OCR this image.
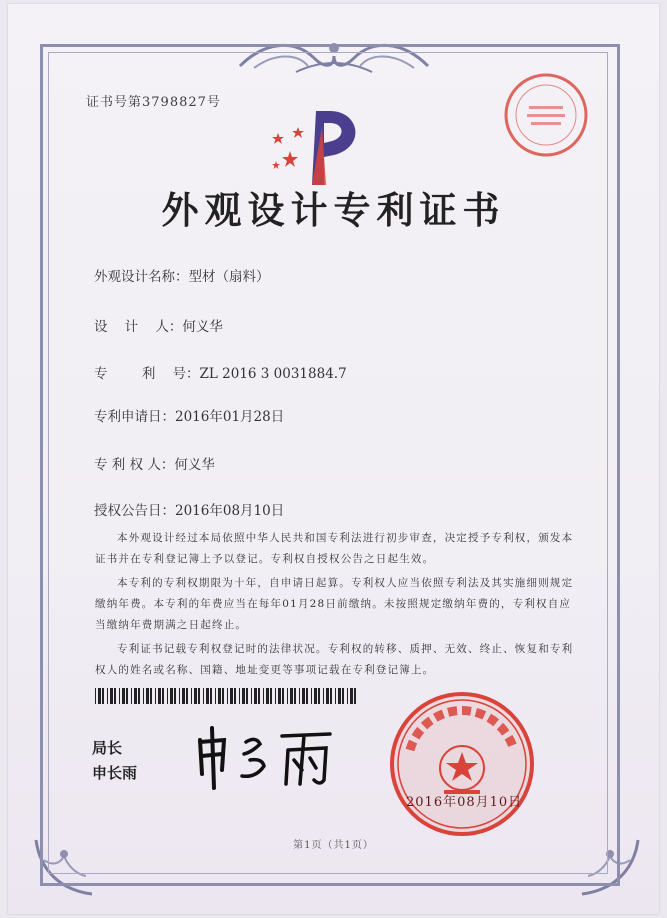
证书号第3798827号
外观设计专利证书
外观设计名称：型材（扇料）
设    计    人：何义华
专        利    号：ZL 2016 3 0031884.7
专利申请日：2016年01月28日
专 利 权 人：何义华
授权公告日：2016年08月10日

本外观设计经过本局依照中华人民共和国专利法进行初步审查，决定授予专利权，颁发本证书并在专利登记簿上予以登记。专利权自授权公告之日起生效。

本专利的专利权期限为十年，自申请日起算。专利权人应当依照专利法及其实施细则规定缴纳年费。本专利的年费应当在每年01月28日前缴纳。未按照规定缴纳年费的，专利权自应当缴纳年费期满之日起终止。

专利证书记载专利权登记时的法律状况。专利权的转移、质押、无效、终止、恢复和专利权人的姓名或名称、国籍、地址变更等事项记载在专利登记簿上。

局长
申长雨
2016年08月10日
第1页（共1页）
